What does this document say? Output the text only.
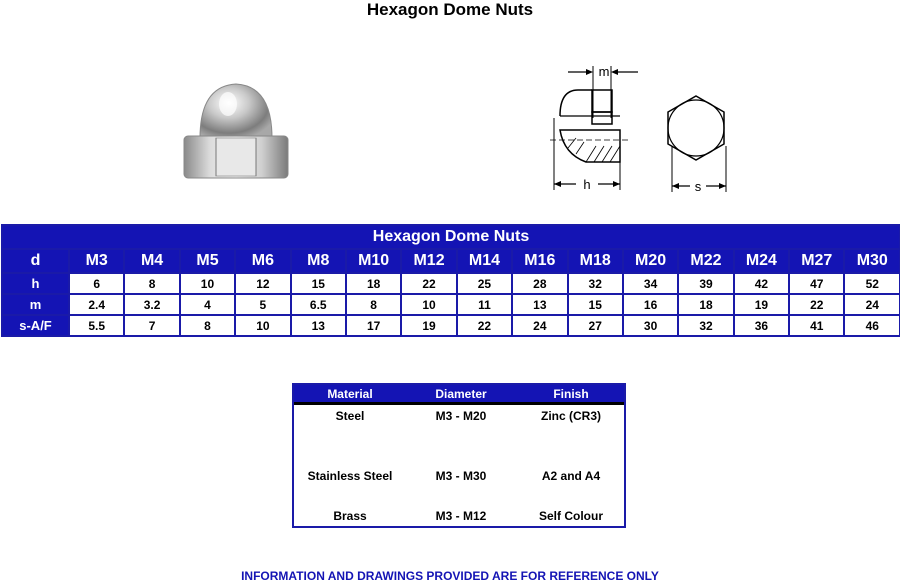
Hexagon Dome Nuts
m
h	s
Hexagon Dome Nuts															
d	M3	M4	M5	M6	M8	M10	M12	M14	M16	M18	M20	M22	M24	M27	M30
h	6	8	10	12	15	18	22	25	28	32	34	39	42	47	52
m	2.4	3.2	4	5	6.5	8	10	11	13	15	16	18	19	22	24
s-A/F	5.5	7	8	10	13	17	19	22	24	27	30	32	36	41	46
Material	Diameter	Finish
Steel	M3 - M20	Zinc (CR3)
Stainless Steel	M3 - M30	A2 and A4
Brass	M3 - M12	Self Colour
INFORMATION AND DRAWINGS PROVIDED ARE FOR REFERENCE ONLY
